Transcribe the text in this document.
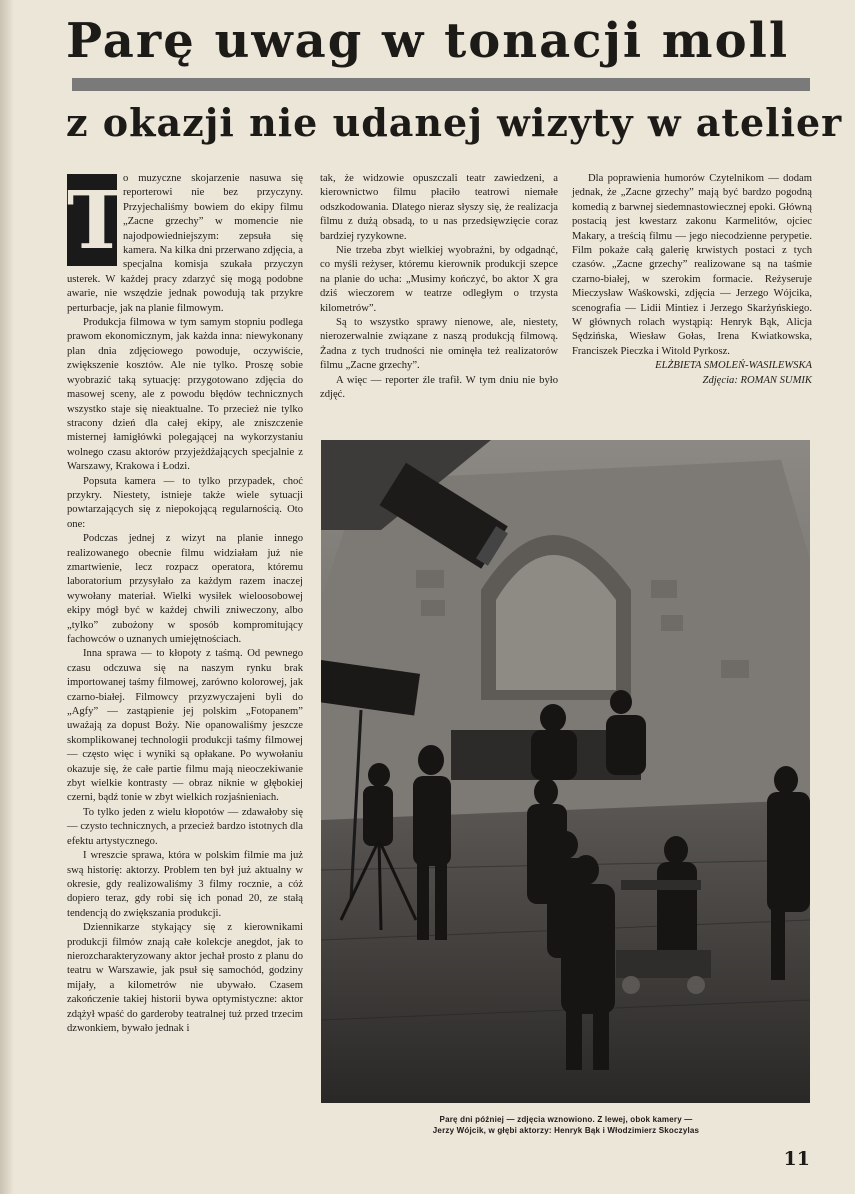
Parę uwag w tonacji moll
z okazji nie udanej wizyty w atelier
T

o muzyczne skojarzenie nasuwa się reporterowi nie bez przyczyny. Przyjechaliśmy bowiem do ekipy filmu „Zacne grzechy” w momencie nie najodpowiedniejszym: zepsuła się kamera. Na kilka dni przerwano zdjęcia, a specjalna komisja szukała przyczyn usterek. W każdej pracy zdarzyć się mogą podobne awarie, nie wszędzie jednak powodują tak przykre perturbacje, jak na planie filmowym.

Produkcja filmowa w tym samym stopniu podlega prawom ekonomicznym, jak każda inna: niewykonany plan dnia zdjęciowego powoduje, oczywiście, zwiększenie kosztów. Ale nie tylko. Proszę sobie wyobrazić taką sytuację: przygotowano zdjęcia do masowej sceny, ale z powodu błędów technicznych wszystko staje się nieaktualne. To przecież nie tylko stracony dzień dla całej ekipy, ale zniszczenie misternej łamigłówki polegającej na wykorzystaniu wolnego czasu aktorów przyjeżdżających specjalnie z Warszawy, Krakowa i Łodzi.

Popsuta kamera — to tylko przypadek, choć przykry. Niestety, istnieje także wiele sytuacji powtarzających się z niepokojącą regularnością. Oto one:

Podczas jednej z wizyt na planie innego realizowanego obecnie filmu widziałam już nie zmartwienie, lecz rozpacz operatora, któremu laboratorium przysyłało za każdym razem inaczej wywołany materiał. Wielki wysiłek wieloosobowej ekipy mógł być w każdej chwili zniweczony, albo „tylko” zubożony w sposób kompromitujący fachowców o uznanych umiejętnościach.

Inna sprawa — to kłopoty z taśmą. Od pewnego czasu odczuwa się na naszym rynku brak importowanej taśmy filmowej, zarówno kolorowej, jak czarno-białej. Filmowcy przyzwyczajeni byli do „Agfy” — zastąpienie jej polskim „Fotopanem” uważają za dopust Boży. Nie opanowaliśmy jeszcze skomplikowanej technologii produkcji taśmy filmowej — często więc i wyniki są opłakane. Po wywołaniu okazuje się, że całe partie filmu mają nieoczekiwanie zbyt wielkie kontrasty — obraz niknie w głębokiej czerni, bądź tonie w zbyt wielkich rozjaśnieniach.

To tylko jeden z wielu kłopotów — zdawałoby się — czysto technicznych, a przecież bardzo istotnych dla efektu artystycznego.

I wreszcie sprawa, która w polskim filmie ma już swą historię: aktorzy. Problem ten był już aktualny w okresie, gdy realizowaliśmy 3 filmy rocznie, a cóż dopiero teraz, gdy robi się ich ponad 20, ze stałą tendencją do zwiększania produkcji.

Dziennikarze stykający się z kierownikami produkcji filmów znają całe kolekcje anegdot, jak to nierozcharakteryzowany aktor jechał prosto z planu do teatru w Warszawie, jak psuł się samochód, godziny mijały, a kilometrów nie ubywało. Czasem zakończenie takiej historii bywa optymistyczne: aktor zdążył wpaść do garderoby teatralnej tuż przed trzecim dzwonkiem, bywało jednak i

tak, że widzowie opuszczali teatr zawiedzeni, a kierownictwo filmu płaciło teatrowi niemałe odszkodowania. Dlatego nieraz słyszy się, że realizacja filmu z dużą obsadą, to u nas przedsięwzięcie coraz bardziej ryzykowne.

Nie trzeba zbyt wielkiej wyobraźni, by odgadnąć, co myśli reżyser, któremu kierownik produkcji szepce na planie do ucha: „Musimy kończyć, bo aktor X gra dziś wieczorem w teatrze odległym o trzysta kilometrów”.

Są to wszystko sprawy nienowe, ale, niestety, nierozerwalnie związane z naszą produkcją filmową. Żadna z tych trudności nie ominęła też realizatorów filmu „Zacne grzechy”.

A więc — reporter źle trafił. W tym dniu nie było zdjęć.

Dla poprawienia humorów Czytelnikom — dodam jednak, że „Zacne grzechy” mają być bardzo pogodną komedią z barwnej siedemnastowiecznej epoki. Główną postacią jest kwestarz zakonu Karmelitów, ojciec Makary, a treścią filmu — jego niecodzienne perypetie. Film pokaże całą galerię krwistych postaci z tych czasów. „Zacne grzechy” realizowane są na taśmie czarno-białej, w szerokim formacie. Reżyseruje Mieczysław Waśkowski, zdjęcia — Jerzego Wójcika, scenografia — Lidii Mintiez i Jerzego Skarżyńskiego. W głównych rolach wystąpią: Henryk Bąk, Alicja Sędzińska, Wiesław Gołas, Irena Kwiatkowska, Franciszek Pieczka i Witold Pyrkosz.

ELŻBIETA SMOLEŃ-WASILEWSKA

Zdjęcia: ROMAN SUMIK

Parę dni później — zdjęcia wznowiono. Z lewej, obok kamery —
Jerzy Wójcik, w głębi aktorzy: Henryk Bąk i Włodzimierz Skoczylas
11
